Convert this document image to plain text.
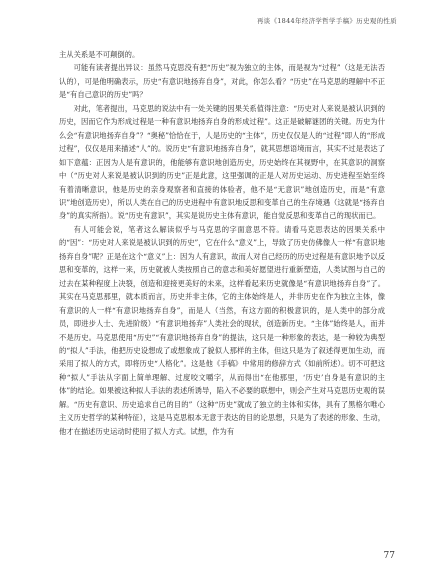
再谈《1844年经济学哲学手稿》历史观的性质

主从关系是不可颠倒的。

可能有读者提出异议：虽然马克思没有把“历史”视为独立的主体，而是视为“过程”（这是无法否认的），可是他明确表示，历史“有意识地扬弃自身”，对此，你怎么看？“历史”在马克思的理解中不正是“有自己意识的历史”吗？

对此，笔者提出，马克思的说法中有一处关键的因果关系值得注意：“历史对人来说是被认识到的历史，因而它作为形成过程是一种有意识地扬弃自身的形成过程”。这正是破解谜团的关键。历史为什么会“有意识地扬弃自身”？“奥秘”恰恰在于，人是历史的“主体”，历史仅仅是人的“过程”即人的“形成过程”，仅仅是用来描述“人”的。说历史“有意识地扬弃自身”，就其思想语境而言，其实不过是表达了如下意蕴：正因为人是有意识的，他能够有意识地创造历史，历史始终在其视野中，在其意识的洞察中（“历史对人来说是被认识到的历史”正是此意，这里强调的正是人对历史运动、历史进程至始至终有着清晰意识，他是历史的亲身观察者和直接的体验者，他不是“无意识”地创造历史，而是“有意识”地创造历史），所以人类在自己的历史进程中有意识地反思和变革自己的生存境遇（这就是“扬弃自身”的真实所指）。说“历史有意识”，其实是说历史主体有意识，能自觉反思和变革自己的现状而已。

有人可能会说，笔者这么解读似乎与马克思的字面意思不符。请看马克思表达的因果关系中的“因”：“历史对人来说是被认识到的历史”，它在什么“意义”上，导致了历史仿佛像人一样“有意识地扬弃自身”呢？正是在这个“意义”上：因为人有意识，故而人对自己经历的历史过程是有意识地予以反思和变革的，这样一来，历史就被人类按照自己的意志和美好愿望进行重新塑造，人类试图与自己的过去在某种程度上决裂，创造和迎接更美好的未来，这样看起来历史就像是“有意识地扬弃自身”了。其实在马克思那里，就本质而言，历史并非主体，它的主体始终是人，并非历史在作为独立主体，像有意识的人一样“有意识地扬弃自身”，而是人（当然，有这方面的积极意识的，是人类中的部分成员，即进步人士、先进阶级）“有意识地扬弃”人类社会的现状，创造新历史。“主体”始终是人，而并不是历史。马克思使用“历史”“有意识地扬弃自身”的提法，这只是一种形象的表达，是一种较为典型的“拟人”手法，他把历史设想成了或想象成了貌似人那样的主体，但这只是为了叙述得更加生动，而采用了拟人的方式，即将历史“人格化”。这是他《手稿》中常用的修辞方式（如前所述）。切不可把这种“拟人”手法从字面上简单理解、过度咬文嚼字，从而得出“在他那里，‘历史’自身是有意识的主体”的结论。如果被这种拟人手法的表述所诱导，陷入不必要的联想中，则会产生对马克思历史观的误解。“历史有意识、历史追求自己的目的”（这种“历史”就成了独立的主体和实体，具有了黑格尔唯心主义历史哲学的某种特征），这是马克思根本无意于表达的目的论思想，只是为了表述的形象、生动，他才在描述历史运动时使用了拟人方式。试想，作为有

77
